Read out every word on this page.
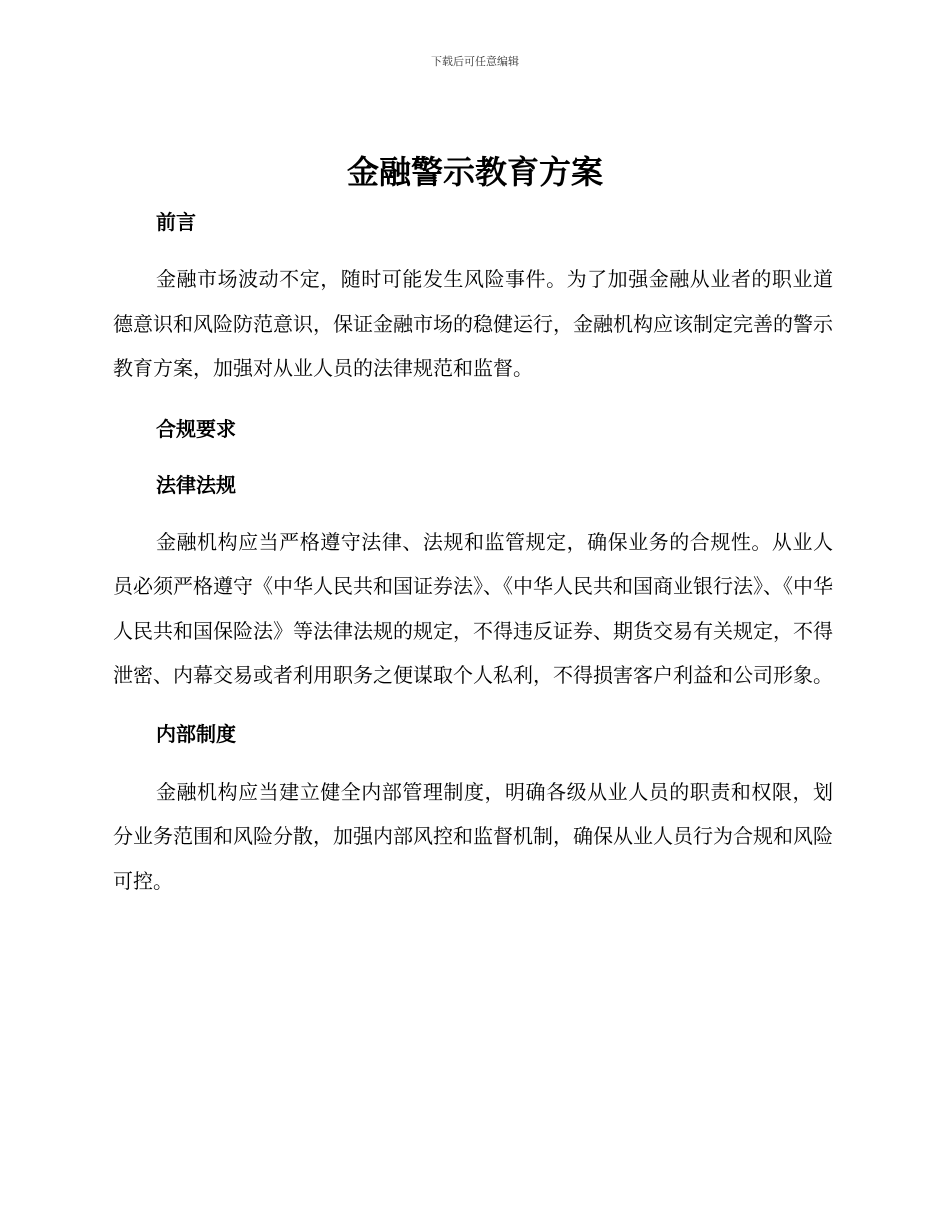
下载后可任意编辑
金融警示教育方案

前言

金融市场波动不定，随时可能发生风险事件。为了加强金融从业者的职业道德意识和风险防范意识，保证金融市场的稳健运行，金融机构应该制定完善的警示教育方案，加强对从业人员的法律规范和监督。

合规要求

法律法规

金融机构应当严格遵守法律、法规和监管规定，确保业务的合规性。从业人员必须严格遵守《中华人民共和国证券法》、《中华人民共和国商业银行法》、《中华人民共和国保险法》等法律法规的规定，不得违反证券、期货交易有关规定，不得泄密、内幕交易或者利用职务之便谋取个人私利，不得损害客户利益和公司形象。

内部制度

金融机构应当建立健全内部管理制度，明确各级从业人员的职责和权限，划分业务范围和风险分散，加强内部风控和监督机制，确保从业人员行为合规和风险可控。
